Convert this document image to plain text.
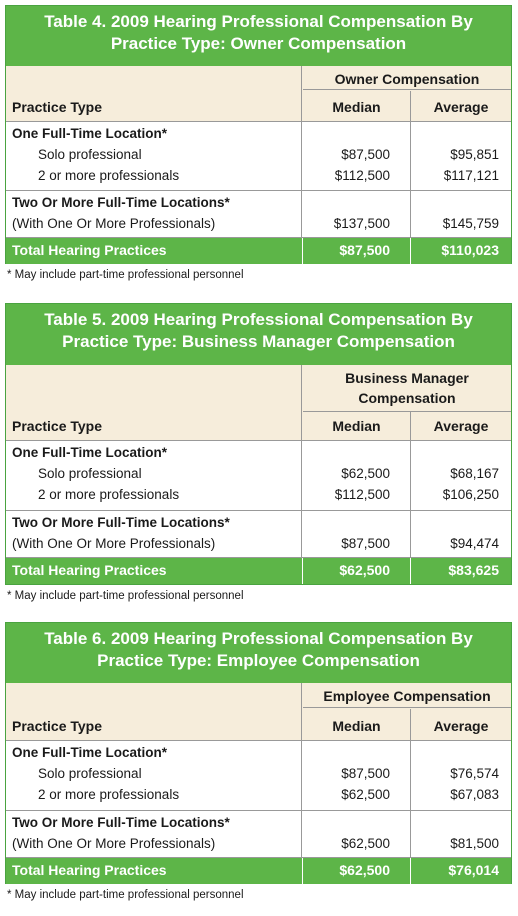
Table 4. 2009 Hearing Professional Compensation By Practice Type: Owner Compensation
Owner Compensation
Practice Type	Median	Average
One Full-Time Location*
Solo professional	$87,500	$95,851
2 or more professionals	$112,500	$117,121
Two Or More Full-Time Locations*
(With One Or More Professionals)	$137,500	$145,759
Total Hearing Practices	$87,500	$110,023
* May include part-time professional personnel
Table 5. 2009 Hearing Professional Compensation By Practice Type: Business Manager Compensation
Business Manager Compensation
Practice Type	Median	Average
One Full-Time Location*
Solo professional	$62,500	$68,167
2 or more professionals	$112,500	$106,250
Two Or More Full-Time Locations*
(With One Or More Professionals)	$87,500	$94,474
Total Hearing Practices	$62,500	$83,625
* May include part-time professional personnel
Table 6. 2009 Hearing Professional Compensation By Practice Type: Employee Compensation
Employee Compensation
Practice Type	Median	Average
One Full-Time Location*
Solo professional	$87,500	$76,574
2 or more professionals	$62,500	$67,083
Two Or More Full-Time Locations*
(With One Or More Professionals)	$62,500	$81,500
Total Hearing Practices	$62,500	$76,014
* May include part-time professional personnel
